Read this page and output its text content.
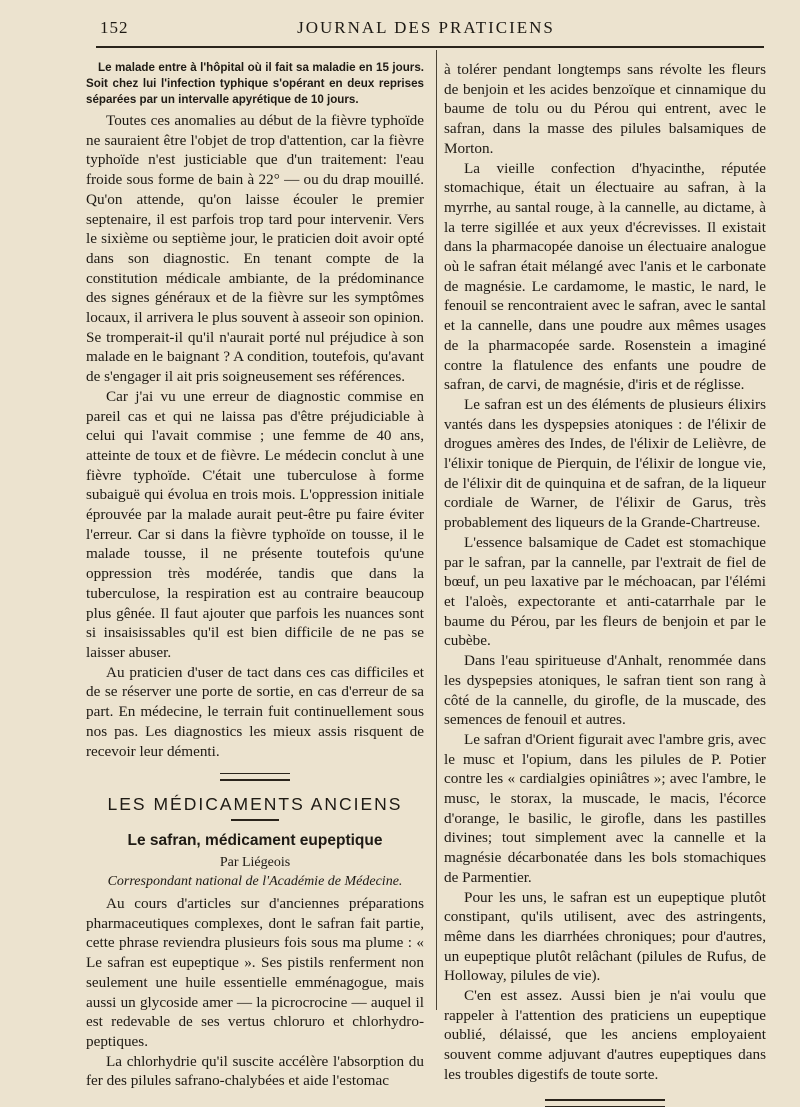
152	JOURNAL DES PRATICIENS

Le malade entre à l'hôpital où il fait sa maladie en 15 jours. Soit chez lui l'infection typhique s'opérant en deux reprises séparées par un intervalle apyrétique de 10 jours.

Toutes ces anomalies au début de la fièvre typhoïde ne sauraient être l'objet de trop d'attention, car la fièvre typhoïde n'est justiciable que d'un traitement: l'eau froide sous forme de bain à 22° — ou du drap mouillé. Qu'on attende, qu'on laisse écouler le premier septenaire, il est parfois trop tard pour intervenir. Vers le sixième ou septième jour, le praticien doit avoir opté dans son diagnostic. En tenant compte de la constitution médicale ambiante, de la prédominance des signes généraux et de la fièvre sur les symptômes locaux, il arrivera le plus souvent à asseoir son opinion. Se tromperait-il qu'il n'aurait porté nul préjudice à son malade en le baignant ? A condition, toutefois, qu'avant de s'engager il ait pris soigneusement ses références.

Car j'ai vu une erreur de diagnostic commise en pareil cas et qui ne laissa pas d'être préjudiciable à celui qui l'avait commise ; une femme de 40 ans, atteinte de toux et de fièvre. Le médecin conclut à une fièvre typhoïde. C'était une tuberculose à forme subaiguë qui évolua en trois mois. L'oppression initiale éprouvée par la malade aurait peut-être pu faire éviter l'erreur. Car si dans la fièvre typhoïde on tousse, il le malade tousse, il ne présente toutefois qu'une oppression très modérée, tandis que dans la tuberculose, la respiration est au contraire beaucoup plus gênée. Il faut ajouter que parfois les nuances sont si insaisissables qu'il est bien difficile de ne pas se laisser abuser.

Au praticien d'user de tact dans ces cas difficiles et de se réserver une porte de sortie, en cas d'erreur de sa part. En médecine, le terrain fuit continuellement sous nos pas. Les diagnostics les mieux assis risquent de recevoir leur démenti.

LES MÉDICAMENTS ANCIENS

Le safran, médicament eupeptique

Par Liégeois

Correspondant national de l'Académie de Médecine.

Au cours d'articles sur d'anciennes préparations pharmaceutiques complexes, dont le safran fait partie, cette phrase reviendra plusieurs fois sous ma plume : « Le safran est eupeptique ». Ses pistils renferment non seulement une huile essentielle emménagogue, mais aussi un glycoside amer — la picrocrocine — auquel il est redevable de ses vertus chloruro et chlorhydro-peptiques.

La chlorhydrie qu'il suscite accélère l'absorption du fer des pilules safrano-chalybées et aide l'estomac

à tolérer pendant longtemps sans révolte les fleurs de benjoin et les acides benzoïque et cinnamique du baume de tolu ou du Pérou qui entrent, avec le safran, dans la masse des pilules balsamiques de Morton.

La vieille confection d'hyacinthe, réputée stomachique, était un électuaire au safran, à la myrrhe, au santal rouge, à la cannelle, au dictame, à la terre sigillée et aux yeux d'écrevisses. Il existait dans la pharmacopée danoise un électuaire analogue où le safran était mélangé avec l'anis et le carbonate de magnésie. Le cardamome, le mastic, le nard, le fenouil se rencontraient avec le safran, avec le santal et la cannelle, dans une poudre aux mêmes usages de la pharmacopée sarde. Rosenstein a imaginé contre la flatulence des enfants une poudre de safran, de carvi, de magnésie, d'iris et de réglisse.

Le safran est un des éléments de plusieurs élixirs vantés dans les dyspepsies atoniques : de l'élixir de drogues amères des Indes, de l'élixir de Lelièvre, de l'élixir tonique de Pierquin, de l'élixir de longue vie, de l'élixir dit de quinquina et de safran, de la liqueur cordiale de Warner, de l'élixir de Garus, très probablement des liqueurs de la Grande-Chartreuse.

L'essence balsamique de Cadet est stomachique par le safran, par la cannelle, par l'extrait de fiel de bœuf, un peu laxative par le méchoacan, par l'élémi et l'aloès, expectorante et anti-catarrhale par le baume du Pérou, par les fleurs de benjoin et par le cubèbe.

Dans l'eau spiritueuse d'Anhalt, renommée dans les dyspepsies atoniques, le safran tient son rang à côté de la cannelle, du girofle, de la muscade, des semences de fenouil et autres.

Le safran d'Orient figurait avec l'ambre gris, avec le musc et l'opium, dans les pilules de P. Potier contre les « cardialgies opiniâtres »; avec l'ambre, le musc, le storax, la muscade, le macis, l'écorce d'orange, le basilic, le girofle, dans les pastilles divines; tout simplement avec la cannelle et la magnésie décarbonatée dans les bols stomachiques de Parmentier.

Pour les uns, le safran est un eupeptique plutôt constipant, qu'ils utilisent, avec des astringents, même dans les diarrhées chroniques; pour d'autres, un eupeptique plutôt relâchant (pilules de Rufus, de Holloway, pilules de vie).

C'en est assez. Aussi bien je n'ai voulu que rappeler à l'attention des praticiens un eupeptique oublié, délaissé, que les anciens employaient souvent comme adjuvant d'autres eupeptiques dans les troubles digestifs de toute sorte.
